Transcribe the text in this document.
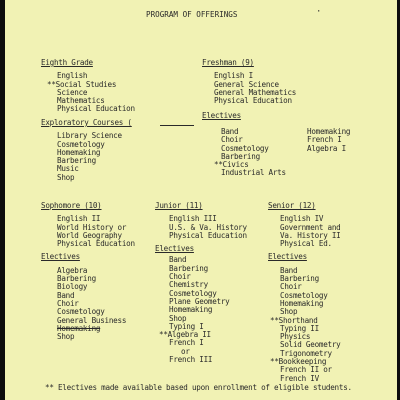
PROGRAM OF OFFERINGS	·
Eighth Grade
English
**Social Studies
Science
Mathematics
Physical Education
Freshman (9)
English I
General Science
General Mathematics
Physical Education
Exploratory Courses (
Library Science
Cosmetology
Homemaking
Barbering
Music
Shop
Electives
Band
Choir
Cosmetology
Barbering
**Civics
Industrial Arts
Homemaking
French I
Algebra I
Sophomore (10)
English II
World History or
World Geography
Physical Education
Electives
Algebra
Barbering
Biology
Band
Choir
Cosmetology
General Business
Homemaking
Shop
Junior (11)
English III
U.S. & Va. History
Physical Education
Electives
Band
Barbering
Choir
Chemistry
Cosmetology
Plane Geometry
Homemaking
Shop
Typing I
**Algebra II
French I
or
French III
Senior (12)
English IV
Government and
Va. History II
Physical Ed.
Electives
Band
Barbering
Choir
Cosmetology
Homemaking
Shop
**Shorthand
Typing II
Physics
Solid Geometry
Trigonometry
**Bookkeeping
French II or
French IV
** Electives made available based upon enrollment of eligible students.
